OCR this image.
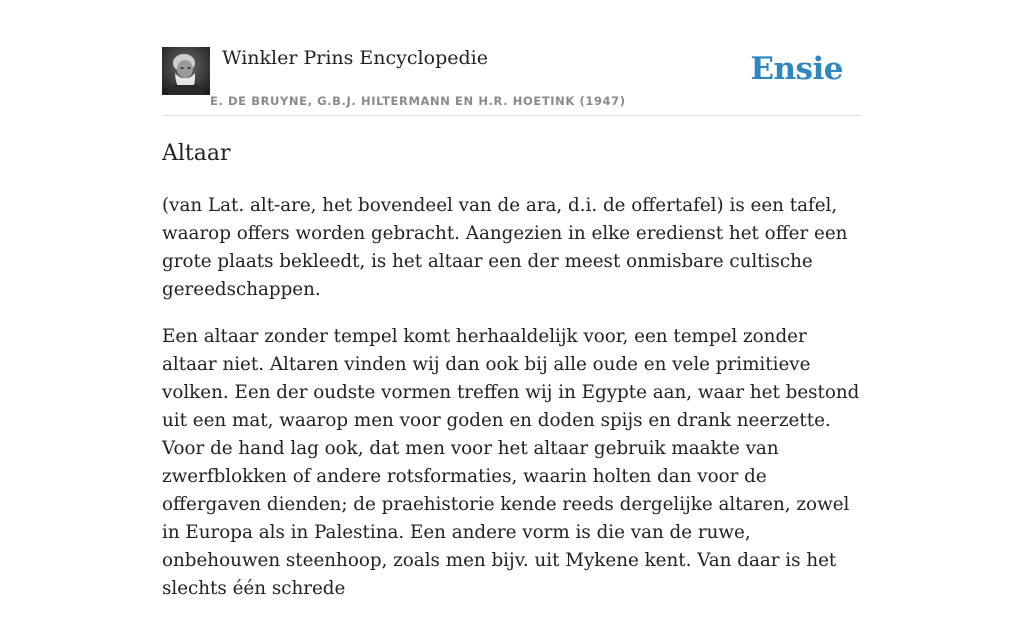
Winkler Prins Encyclopedie
E. DE BRUYNE, G.B.J. HILTERMANN EN H.R. HOETINK (1947)
Ensie
Altaar

(van Lat. alt-are, het bovendeel van de ara, d.i. de offertafel) is een tafel, waarop offers worden gebracht. Aangezien in elke eredienst het offer een grote plaats bekleedt, is het altaar een der meest onmisbare cultische gereedschappen.

Een altaar zonder tempel komt herhaaldelijk voor, een tempel zonder altaar niet. Altaren vinden wij dan ook bij alle oude en vele primitieve volken. Een der oudste vormen treffen wij in Egypte aan, waar het bestond uit een mat, waarop men voor goden en doden spijs en drank neerzette. Voor de hand lag ook, dat men voor het altaar gebruik maakte van zwerfblokken of andere rotsformaties, waarin holten dan voor de offergaven dienden; de praehistorie kende reeds dergelijke altaren, zowel in Europa als in Palestina. Een andere vorm is die van de ruwe, onbehouwen steenhoop, zoals men bijv. uit Mykene kent. Van daar is het slechts één schrede
